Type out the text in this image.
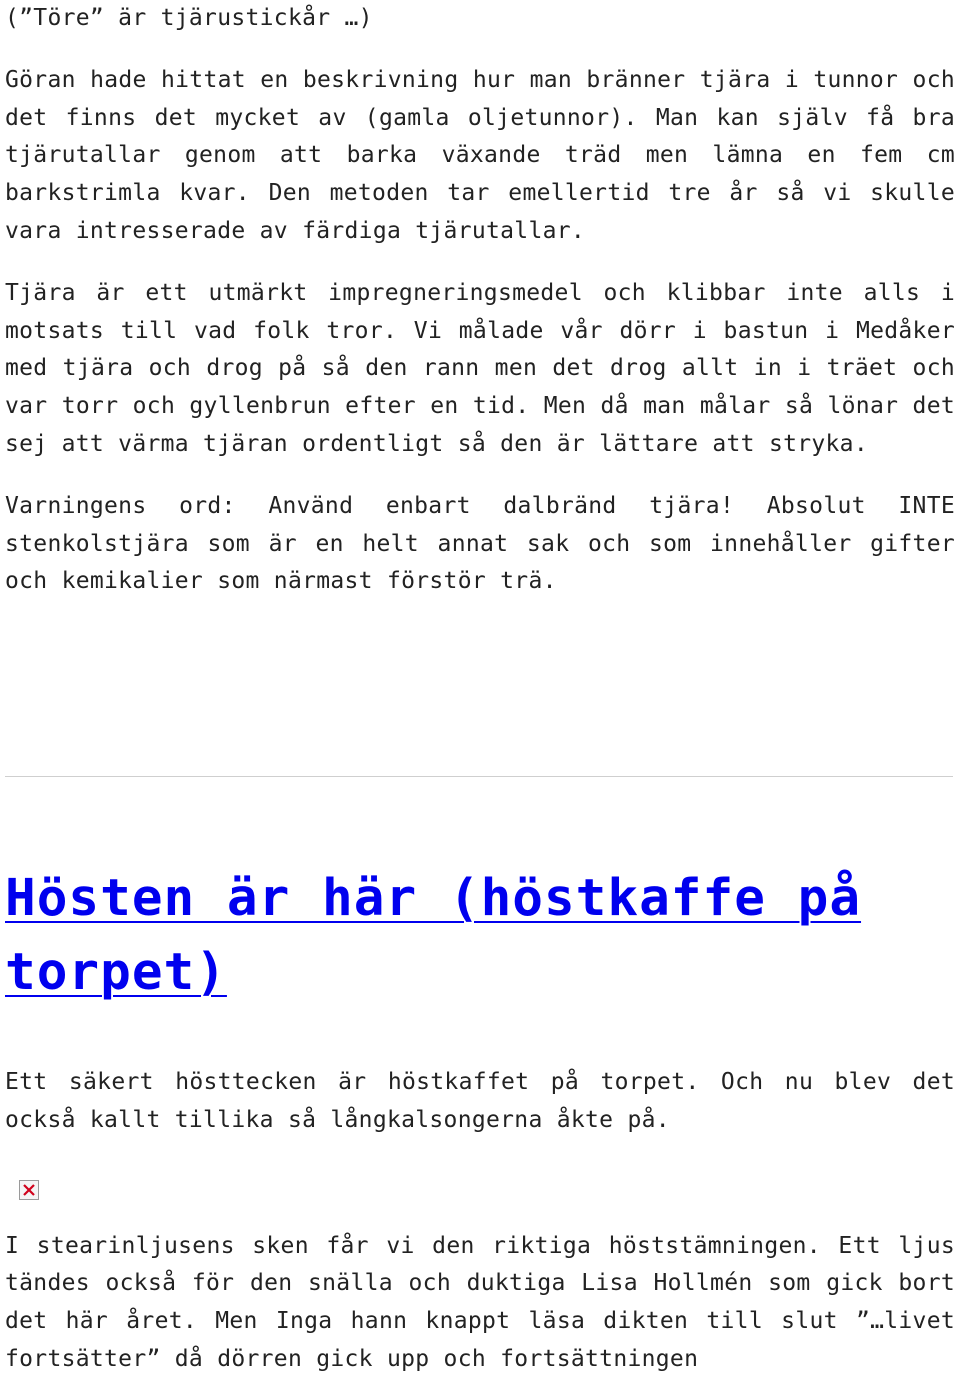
(”Töre” är tjärustickår …)

Göran hade hittat en beskrivning hur man bränner tjära i tunnor och det finns det mycket av (gamla oljetunnor). Man kan själv få bra tjärutallar genom att barka växande träd men lämna en fem cm barkstrimla kvar. Den metoden tar emellertid tre år så vi skulle vara intresserade av färdiga tjärutallar.

Tjära är ett utmärkt impregneringsmedel och klibbar inte alls i motsats till vad folk tror. Vi målade vår dörr i bastun i Medåker med tjära och drog på så den rann men det drog allt in i träet och var torr och gyllenbrun efter en tid. Men då man målar så lönar det sej att värma tjäran ordentligt så den är lättare att stryka.

Varningens ord: Använd enbart dalbränd tjära! Absolut INTE stenkolstjära som är en helt annat sak och som innehåller gifter och kemikalier som närmast förstör trä.

Hösten är här (höstkaffe på torpet)

Ett säkert hösttecken är höstkaffet på torpet. Och nu blev det också kallt tillika så långkalsongerna åkte på.

I stearinljusens sken får vi den riktiga höststämningen. Ett ljus tändes också för den snälla och duktiga Lisa Hollmén som gick bort det här året. Men Inga hann knappt läsa dikten till slut ”…livet fortsätter” då dörren gick upp och fortsättningen
